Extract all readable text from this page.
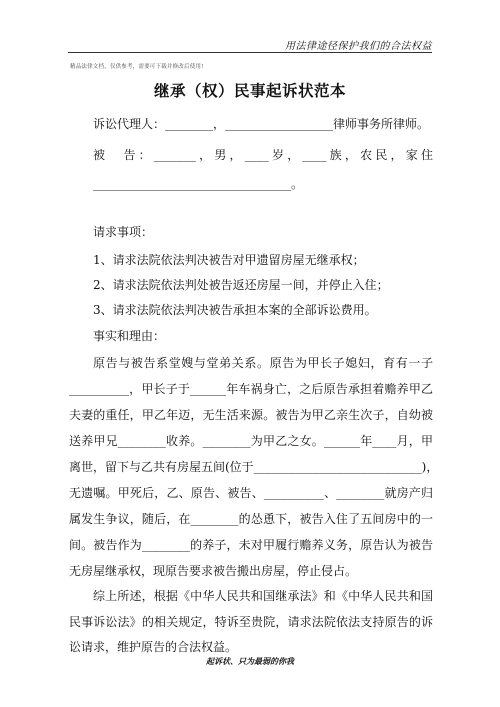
用法律途径保护我们的合法权益
精品法律文档，仅供参考，需要可下载并修改后使用!
继承（权）民事起诉状范本
诉讼代理人：________，__________________律师事务所律师。
被　告：_______，男，____岁，____族，农民，家住
_________________________________。
请求事项：
1、请求法院依法判决被告对甲遗留房屋无继承权；
2、请求法院依法判处被告返还房屋一间，并停止入住；
3、请求法院依法判决被告承担本案的全部诉讼费用。
事实和理由：
原告与被告系堂嫂与堂弟关系。原告为甲长子媳妇，育有一子
__________，甲长子于______年车祸身亡，之后原告承担着赡养甲乙
夫妻的重任，甲乙年迈，无生活来源。被告为甲乙亲生次子，自幼被
送养甲兄________收养。________为甲乙之女。______年____月，甲
离世，留下与乙共有房屋五间(位于____________________________)，
无遗嘱。甲死后，乙、原告、被告、__________、________就房产归
属发生争议，随后，在________的怂恿下，被告入住了五间房中的一
间。被告作为________的养子，未对甲履行赡养义务，原告认为被告
无房屋继承权，现原告要求被告搬出房屋，停止侵占。
综上所述，根据《中华人民共和国继承法》和《中华人民共和国
民事诉讼法》的相关规定，特诉至贵院，请求法院依法支持原告的诉
讼请求，维护原告的合法权益。
起诉状、只为最弱的你我
